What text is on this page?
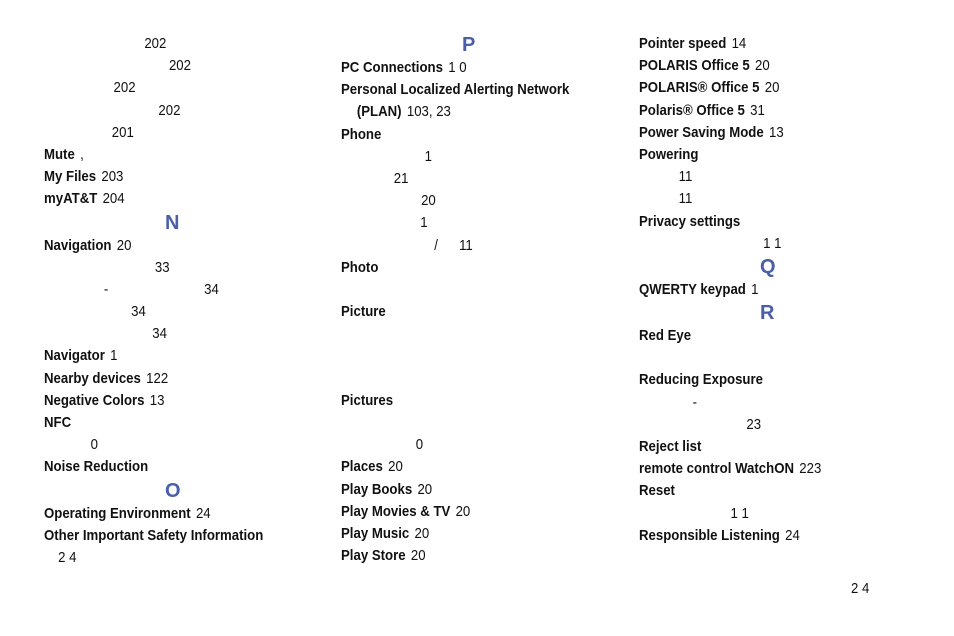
202
202
202
202
201
Mute ,
My Files 203
myAT&T 204
N
Navigation 20
33
-	34
34
34
Navigator 1
Nearby devices 122
Negative Colors 13
NFC
0
Noise Reduction
O
Operating Environment 24
Other Important Safety Information
2 4
P
PC Connections 1 0
Personal Localized Alerting Network
(PLAN) 103, 23
Phone
1
21
20
1
/ 11
Photo
Picture
Pictures
0
Places 20
Play Books 20
Play Movies & TV 20
Play Music 20
Play Store 20
Pointer speed 14
POLARIS Office 5 20
POLARIS® Office 5 20
Polaris® Office 5 31
Power Saving Mode 13
Powering
11
11
Privacy settings
1 1
Q
QWERTY keypad 1
R
Red Eye
Reducing Exposure
-
23
Reject list
remote control WatchON 223
Reset
1 1
Responsible Listening 24
2 4
